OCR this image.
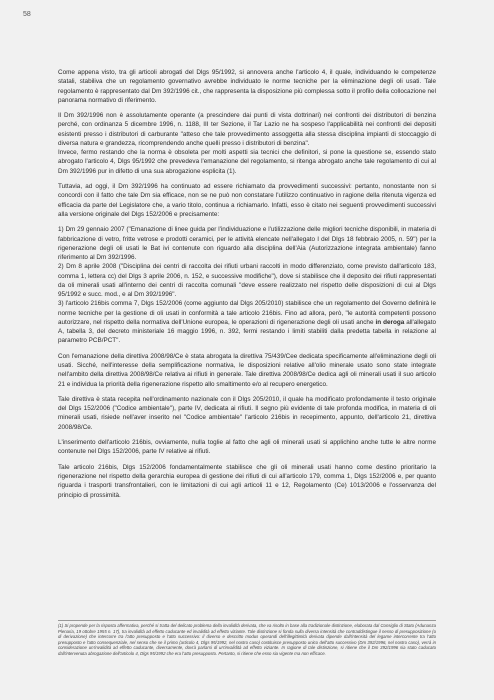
58

Come appena visto, tra gli articoli abrogati del Dlgs 95/1992, si annovera anche l'articolo 4, il quale, individuando le competenze statali, stabiliva che un regolamento governativo avrebbe individuato le norme tecniche per la eliminazione degli oli usati. Tale regolamento è rappresentato dal Dm 392/1996 cit., che rappresenta la disposizione più complessa sotto il profilo della collocazione nel panorama normativo di riferimento.

Il Dm 392/1996 non è assolutamente operante (a prescindere dai punti di vista dottrinari) nei confronti dei distributori di benzina perché, con ordinanza 5 dicembre 1996, n. 1188, III ter Sezione, il Tar Lazio ne ha sospeso l'applicabilità nei confronti dei depositi esistenti presso i distributori di carburante "atteso che tale provvedimento assoggetta alla stessa disciplina impianti di stoccaggio di diversa natura e grandezza, ricomprendendo anche quelli presso i distributori di benzina".
Invece, fermo restando che la norma è obsoleta per molti aspetti sia tecnici che definitori, si pone la questione se, essendo stato abrogato l'articolo 4, Dlgs 95/1992 che prevedeva l'emanazione del regolamento, si ritenga abrogato anche tale regolamento di cui al Dm 392/1996 pur in difetto di una sua abrogazione esplicita (1).

Tuttavia, ad oggi, il Dm 392/1996 ha continuato ad essere richiamato da provvedimenti successivi: pertanto, nonostante non si concordi con il fatto che tale Dm sia efficace, non se ne può non constatare l'utilizzo continuativo in ragione della ritenuta vigenza ed efficacia da parte del Legislatore che, a vario titolo, continua a richiamarlo. Infatti, esso è citato nei seguenti provvedimenti successivi alla versione originale del Dlgs 152/2006 e precisamente:

1) Dm 29 gennaio 2007 ("Emanazione di linee guida per l'individuazione e l'utilizzazione delle migliori tecniche disponibili, in materia di fabbricazione di vetro, fritte vetrose e prodotti ceramici, per le attività elencate nell'allegato I del Dlgs 18 febbraio 2005, n. 59") per la rigenerazione degli oli usati le Bat ivi contenute con riguardo alla disciplina dell'Aia (Autorizzazione integrata ambientale) fanno riferimento al Dm 392/1996.
2) Dm 8 aprile 2008 ("Disciplina dei centri di raccolta dei rifiuti urbani raccolti in modo differenziato, come previsto dall'articolo 183, comma 1, lettera cc) del Dlgs 3 aprile 2006, n. 152, e successive modifiche"), dove si stabilisce che il deposito dei rifiuti rappresentati da oli minerali usati all'interno dei centri di raccolta comunali "deve essere realizzato nel rispetto delle disposizioni di cui al Dlgs 95/1992 e succ. mod., e al Dm 392/1996".
3) l'articolo 216bis comma 7, Dlgs 152/2006 (come aggiunto dal Dlgs 205/2010) stabilisce che un regolamento del Governo definirà le norme tecniche per la gestione di oli usati in conformità a tale articolo 216bis. Fino ad allora, però, "le autorità competenti possono autorizzare, nel rispetto della normativa dell'Unione europea, le operazioni di rigenerazione degli oli usati anche in deroga all'allegato A, tabella 3, del decreto ministeriale 16 maggio 1996, n. 392, fermi restando i limiti stabiliti dalla predetta tabella in relazione al parametro PCB/PCT".

Con l'emanazione della direttiva 2008/98/Ce è stata abrogata la direttiva 75/439/Cee dedicata specificamente all'eliminazione degli oli usati. Sicché, nell'interesse della semplificazione normativa, le disposizioni relative all'olio minerale usato sono state integrate nell'ambito della direttiva 2008/98/Ce relativa ai rifiuti in generale. Tale direttiva 2008/98/Ce dedica agli oli minerali usati il suo articolo 21 e individua la priorità della rigenerazione rispetto allo smaltimento e/o al recupero energetico.

Tale direttiva è stata recepita nell'ordinamento nazionale con il Dlgs 205/2010, il quale ha modificato profondamente il testo originale del Dlgs 152/2006 ("Codice ambientale"), parte IV, dedicata ai rifiuti. Il segno più evidente di tale profonda modifica, in materia di oli minerali usati, risiede nell'aver inserito nel "Codice ambientale" l'articolo 216bis in recepimento, appunto, dell'articolo 21, direttiva 2008/98/Ce.

L'inserimento dell'articolo 216bis, ovviamente, nulla toglie al fatto che agli oli minerali usati si applichino anche tutte le altre norme contenute nel Dlgs 152/2006, parte IV relative ai rifiuti.

Tale articolo 216bis, Dlgs 152/2006 fondamentalmente stabilisce che gli oli minerali usati hanno come destino prioritario la rigenerazione nel rispetto della gerarchia europea di gestione dei rifiuti di cui all'articolo 179, comma 1, Dlgs 152/2006 e, per quanto riguarda i trasporti transfrontalieri, con le limitazioni di cui agli articoli 11 e 12, Regolamento (Ce) 1013/2006 e l'osservanza del principio di prossimità.

(1) Si propende per la risposta affermativa, perché si tratta del delicato problema della invalidità derivata, che va risolto in base alla tradizionale distinzione, elaborata dal Consiglio di Stato (Adunanza Plenaria, 19 ottobre 1955 n. 17), tra invalidità ad effetto caducante ed invalidità ad effetto viziante. Tale distinzione si fonda sulla diversa intensità che contraddistingue il nesso di presupposizione (o di derivazione) che intercorre tra l'atto presupposto e l'atto successivo: il diverso e descritto modus operandi dell'illegittimità derivata dipende dall'intensità del legame intercorrente tra l'atto presupposto e l'atto consequenziale, nel senso che se il primo (articolo 4, Dlgs 95/1992, nel nostro caso) costituisce presupposto unico dell'atto successivo (Dm 392/1996, nel nostro caso), verrà in considerazione un'invalidità ad effetto caducante, diversamente, dovrà parlarsi di un'invalidità ad effetto viziante. In ragione di tale distinzione, si ritiene che il Dm 392/1996 sia stato caducato dall'intervenuta abrogazione dell'articolo 4, Dlgs 95/1992 che era l'atto presupposto. Pertanto, si ritiene che esso sia vigente ma non efficace.
